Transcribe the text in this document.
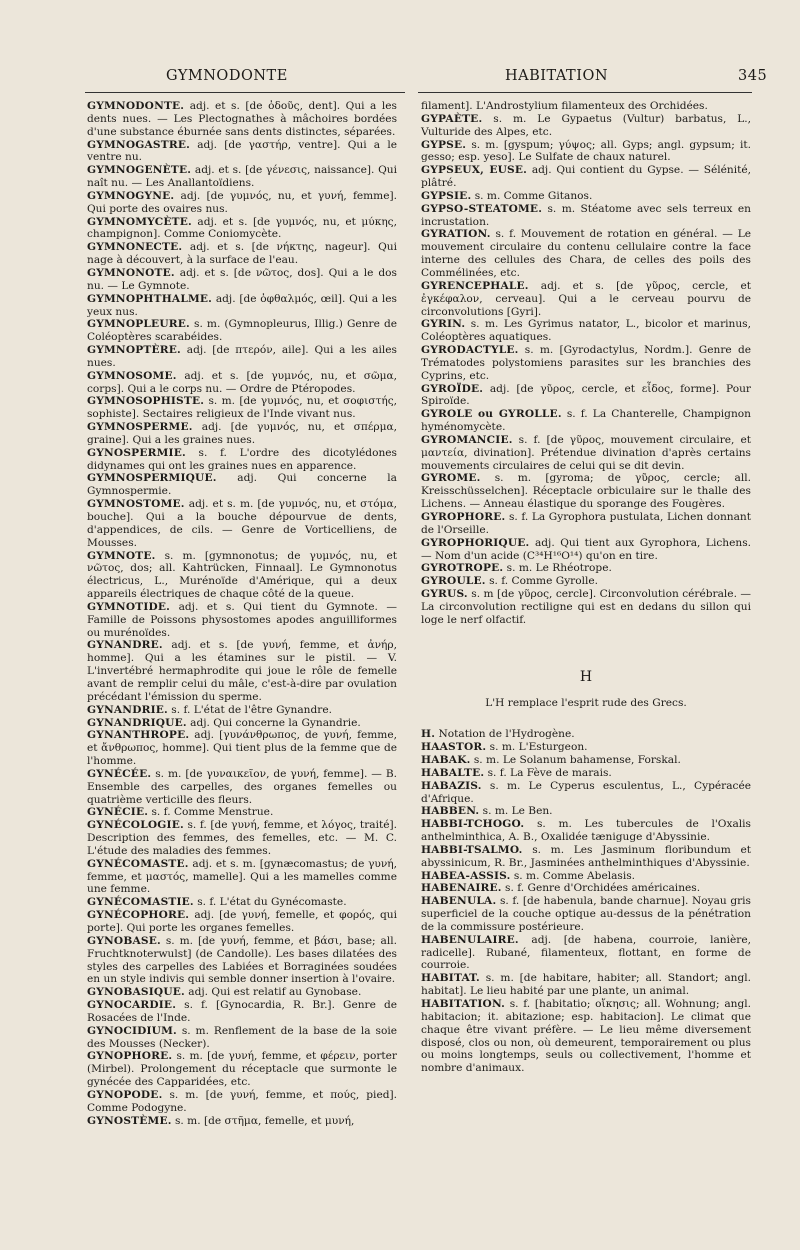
GYMNODONTE	HABITATION	345

GYMNODONTE. adj. et s. [de ὀδοῦς, dent]. Qui a les dents nues. — Les Plectognathes à mâchoires bordées d'une substance éburnée sans dents distinctes, séparées.

GYMNOGASTRE. adj. [de γαστήρ, ventre]. Qui a le ventre nu.

GYMNOGENÈTE. adj. et s. [de γένεσις, naissance]. Qui naît nu. — Les Anallantoïdiens.

GYMNOGYNE. adj. [de γυμνός, nu, et γυνή, femme]. Qui porte des ovaires nus.

GYMNOMYCÈTE. adj. et s. [de γυμνός, nu, et μύκης, champignon]. Comme Coniomycète.

GYMNONECTE. adj. et s. [de νήκτης, nageur]. Qui nage à découvert, à la surface de l'eau.

GYMNONOTE. adj. et s. [de νῶτος, dos]. Qui a le dos nu. — Le Gymnote.

GYMNOPHTHALME. adj. [de ὀφθαλμός, œil]. Qui a les yeux nus.

GYMNOPLEURE. s. m. (Gymnopleurus, Illig.) Genre de Coléoptères scarabéides.

GYMNOPTÈRE. adj. [de πτερόν, aile]. Qui a les ailes nues.

GYMNOSOME. adj. et s. [de γυμνός, nu, et σῶμα, corps]. Qui a le corps nu. — Ordre de Ptéropodes.

GYMNOSOPHISTE. s. m. [de γυμνός, nu, et σοφιστής, sophiste]. Sectaires religieux de l'Inde vivant nus.

GYMNOSPERME. adj. [de γυμνός, nu, et σπέρμα, graine]. Qui a les graines nues.

GYNOSPERMIE. s. f. L'ordre des dicotylédones didynames qui ont les graines nues en apparence.

GYMNOSPERMIQUE. adj. Qui concerne la Gymnospermie.

GYMNOSTOME. adj. et s. m. [de γυμνός, nu, et στόμα, bouche]. Qui a la bouche dépourvue de dents, d'appendices, de cils. — Genre de Vorticelliens, de Mousses.

GYMNOTE. s. m. [gymnonotus; de γυμνός, nu, et νῶτος, dos; all. Kahtrücken, Finnaal]. Le Gymnonotus électricus, L., Murénoïde d'Amérique, qui a deux appareils électriques de chaque côté de la queue.

GYMNOTIDE. adj. et s. Qui tient du Gymnote. — Famille de Poissons physostomes apodes anguilliformes ou murénoïdes.

GYNANDRE. adj. et s. [de γυνή, femme, et ἀνήρ, homme]. Qui a les étamines sur le pistil. — V. L'invertébré hermaphrodite qui joue le rôle de femelle avant de remplir celui du mâle, c'est-à-dire par ovulation précédant l'émission du sperme.

GYNANDRIE. s. f. L'état de l'être Gynandre.

GYNANDRIQUE. adj. Qui concerne la Gynandrie.

GYNANTHROPE. adj. [γυνάνθρωπος, de γυνή, femme, et ἄνθρωπος, homme]. Qui tient plus de la femme que de l'homme.

GYNÉCÉE. s. m. [de γυναικεῖον, de γυνή, femme]. — B. Ensemble des carpelles, des organes femelles ou quatrième verticille des fleurs.

GYNÉCIE. s. f. Comme Menstrue.

GYNÉCOLOGIE. s. f. [de γυνή, femme, et λόγος, traité]. Description des femmes, des femelles, etc. — M. C. L'étude des maladies des femmes.

GYNÉCOMASTE. adj. et s. m. [gynæcomastus; de γυνή, femme, et μαστός, mamelle]. Qui a les mamelles comme une femme.

GYNÉCOMASTIE. s. f. L'état du Gynécomaste.

GYNÉCOPHORE. adj. [de γυνή, femelle, et φορός, qui porte]. Qui porte les organes femelles.

GYNOBASE. s. m. [de γυνή, femme, et βάσι, base; all. Fruchtknoterwulst] (de Candolle). Les bases dilatées des styles des carpelles des Labiées et Borraginées soudées en un style indivis qui semble donner insertion à l'ovaire.

GYNOBASIQUE. adj. Qui est relatif au Gynobase.

GYNOCARDIE. s. f. [Gynocardia, R. Br.]. Genre de Rosacées de l'Inde.

GYNOCIDIUM. s. m. Renflement de la base de la soie des Mousses (Necker).

GYNOPHORE. s. m. [de γυνή, femme, et φέρειν, porter (Mirbel). Prolongement du réceptacle que surmonte le gynécée des Capparidées, etc.

GYNOPODE. s. m. [de γυνή, femme, et πούς, pied]. Comme Podogyne.

GYNOSTÈME. s. m. [de στῆμα, femelle, et μυνή,

filament]. L'Androstylium filamenteux des Orchidées.

GYPAÈTE. s. m. Le Gypaetus (Vultur) barbatus, L., Vulturide des Alpes, etc.

GYPSE. s. m. [gyspum; γύψος; all. Gyps; angl. gypsum; it. gesso; esp. yeso]. Le Sulfate de chaux naturel.

GYPSEUX, EUSE. adj. Qui contient du Gypse. — Sélénité, plâtré.

GYPSIE. s. m. Comme Gitanos.

GYPSO-STEATOME. s. m. Stéatome avec sels terreux en incrustation.

GYRATION. s. f. Mouvement de rotation en général. — Le mouvement circulaire du contenu cellulaire contre la face interne des cellules des Chara, de celles des poils des Commélinées, etc.

GYRENCEPHALE. adj. et s. [de γῦρος, cercle, et ἐγκέφαλον, cerveau]. Qui a le cerveau pourvu de circonvolutions [Gyri].

GYRIN. s. m. Les Gyrimus natator, L., bicolor et marinus, Coléoptères aquatiques.

GYRODACTYLE. s. m. [Gyrodactylus, Nordm.]. Genre de Trématodes polystomiens parasites sur les branchies des Cyprins, etc.

GYROÏDE. adj. [de γῦρος, cercle, et εἶδος, forme]. Pour Spiroïde.

GYROLE ou GYROLLE. s. f. La Chanterelle, Champignon hyménomycète.

GYROMANCIE. s. f. [de γῦρος, mouvement circulaire, et μαντεία, divination]. Prétendue divination d'après certains mouvements circulaires de celui qui se dit devin.

GYROME. s. m. [gyroma; de γῦρος, cercle; all. Kreisschüsselchen]. Réceptacle orbiculaire sur le thalle des Lichens. — Anneau élastique du sporange des Fougères.

GYROPHORE. s. f. La Gyrophora pustulata, Lichen donnant de l'Orseille.

GYROPHORIQUE. adj. Qui tient aux Gyrophora, Lichens. — Nom d'un acide (C³⁴H¹⁶O¹⁴) qu'on en tire.

GYROTROPE. s. m. Le Rhéotrope.

GYROULE. s. f. Comme Gyrolle.

GYRUS. s. m [de γῦρος, cercle]. Circonvolution cérébrale. — La circonvolution rectiligne qui est en dedans du sillon qui loge le nerf olfactif.

H
L'H remplace l'esprit rude des Grecs.

H. Notation de l'Hydrogène.

HAASTOR. s. m. L'Esturgeon.

HABAK. s. m. Le Solanum bahamense, Forskal.

HABALTE. s. f. La Fève de marais.

HABAZIS. s. m. Le Cyperus esculentus, L., Cypéracée d'Afrique.

HABBEN. s. m. Le Ben.

HABBI-TCHOGO. s. m. Les tubercules de l'Oxalis anthelminthica, A. B., Oxalidée tæniguge d'Abyssinie.

HABBI-TSALMO. s. m. Les Jasminum floribundum et abyssinicum, R. Br., Jasminées anthelminthiques d'Abyssinie.

HABEA-ASSIS. s. m. Comme Abelasis.

HABENAIRE. s. f. Genre d'Orchidées américaines.

HABENULA. s. f. [de habenula, bande charnue]. Noyau gris superficiel de la couche optique au-dessus de la pénétration de la commissure postérieure.

HABENULAIRE. adj. [de habena, courroie, lanière, radicelle]. Rubané, filamenteux, flottant, en forme de courroie.

HABITAT. s. m. [de habitare, habiter; all. Standort; angl. habitat]. Le lieu habité par une plante, un animal.

HABITATION. s. f. [habitatio; οἴκησις; all. Wohnung; angl. habitacion; it. abitazione; esp. habitacion]. Le climat que chaque être vivant préfère. — Le lieu même diversement disposé, clos ou non, où demeurent, temporairement ou plus ou moins longtemps, seuls ou collectivement, l'homme et nombre d'animaux.
